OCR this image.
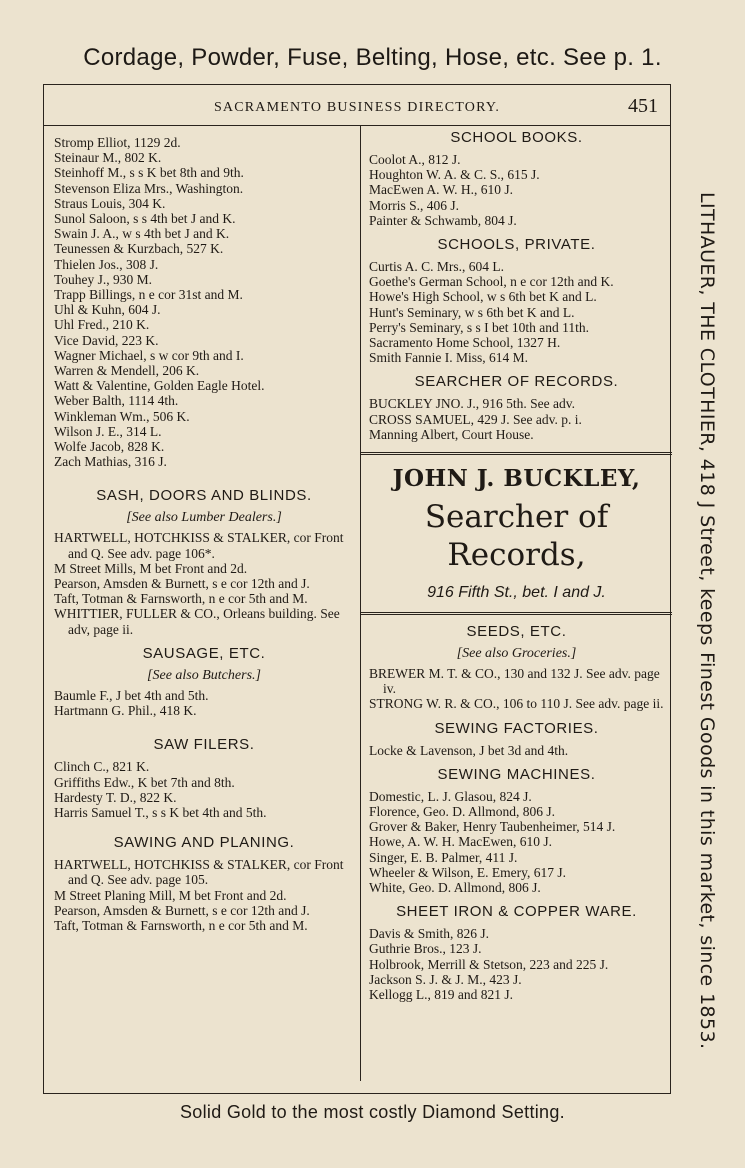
Cordage, Powder, Fuse, Belting, Hose, etc. See p. 1.
SACRAMENTO BUSINESS DIRECTORY.	451
Stromp Elliot, 1129 2d.
Steinaur M., 802 K.
Steinhoff M., s s K bet 8th and 9th.
Stevenson Eliza Mrs., Washington.
Straus Louis, 304 K.
Sunol Saloon, s s 4th bet J and K.
Swain J. A., w s 4th bet J and K.
Teunessen & Kurzbach, 527 K.
Thielen Jos., 308 J.
Touhey J., 930 M.
Trapp Billings, n e cor 31st and M.
Uhl & Kuhn, 604 J.
Uhl Fred., 210 K.
Vice David, 223 K.
Wagner Michael, s w cor 9th and I.
Warren & Mendell, 206 K.
Watt & Valentine, Golden Eagle Hotel.
Weber Balth, 1114 4th.
Winkleman Wm., 506 K.
Wilson J. E., 314 L.
Wolfe Jacob, 828 K.
Zach Mathias, 316 J.
SASH, DOORS AND BLINDS.
[See also Lumber Dealers.]
HARTWELL, HOTCHKISS & STALKER, cor Front and Q. See adv. page 106*.
M Street Mills, M bet Front and 2d.
Pearson, Amsden & Burnett, s e cor 12th and J.
Taft, Totman & Farnsworth, n e cor 5th and M.
WHITTIER, FULLER & CO., Orleans building. See adv, page ii.
SAUSAGE, ETC.
[See also Butchers.]
Baumle F., J bet 4th and 5th.
Hartmann G. Phil., 418 K.
SAW FILERS.
Clinch C., 821 K.
Griffiths Edw., K bet 7th and 8th.
Hardesty T. D., 822 K.
Harris Samuel T., s s K bet 4th and 5th.
SAWING AND PLANING.
HARTWELL, HOTCHKISS & STALKER, cor Front and Q. See adv. page 105.
M Street Planing Mill, M bet Front and 2d.
Pearson, Amsden & Burnett, s e cor 12th and J.
Taft, Totman & Farnsworth, n e cor 5th and M.
SCHOOL BOOKS.
Coolot A., 812 J.
Houghton W. A. & C. S., 615 J.
MacEwen A. W. H., 610 J.
Morris S., 406 J.
Painter & Schwamb, 804 J.
SCHOOLS, PRIVATE.
Curtis A. C. Mrs., 604 L.
Goethe's German School, n e cor 12th and K.
Howe's High School, w s 6th bet K and L.
Hunt's Seminary, w s 6th bet K and L.
Perry's Seminary, s s I bet 10th and 11th.
Sacramento Home School, 1327 H.
Smith Fannie I. Miss, 614 M.
SEARCHER OF RECORDS.
BUCKLEY JNO. J., 916 5th. See adv.
CROSS SAMUEL, 429 J. See adv. p. i.
Manning Albert, Court House.
JOHN J. BUCKLEY,
Searcher of Records,
916 Fifth St., bet. I and J.
SEEDS, ETC.
[See also Groceries.]
BREWER M. T. & CO., 130 and 132 J. See adv. page iv.
STRONG W. R. & CO., 106 to 110 J. See adv. page ii.
SEWING FACTORIES.
Locke & Lavenson, J bet 3d and 4th.
SEWING MACHINES.
Domestic, L. J. Glasou, 824 J.
Florence, Geo. D. Allmond, 806 J.
Grover & Baker, Henry Taubenheimer, 514 J.
Howe, A. W. H. MacEwen, 610 J.
Singer, E. B. Palmer, 411 J.
Wheeler & Wilson, E. Emery, 617 J.
White, Geo. D. Allmond, 806 J.
SHEET IRON & COPPER WARE.
Davis & Smith, 826 J.
Guthrie Bros., 123 J.
Holbrook, Merrill & Stetson, 223 and 225 J.
Jackson S. J. & J. M., 423 J.
Kellogg L., 819 and 821 J.	LITHAUER, THE CLOTHIER, 418 J Street, keeps Finest Goods in this market, since 1853.
Solid Gold to the most costly Diamond Setting.
